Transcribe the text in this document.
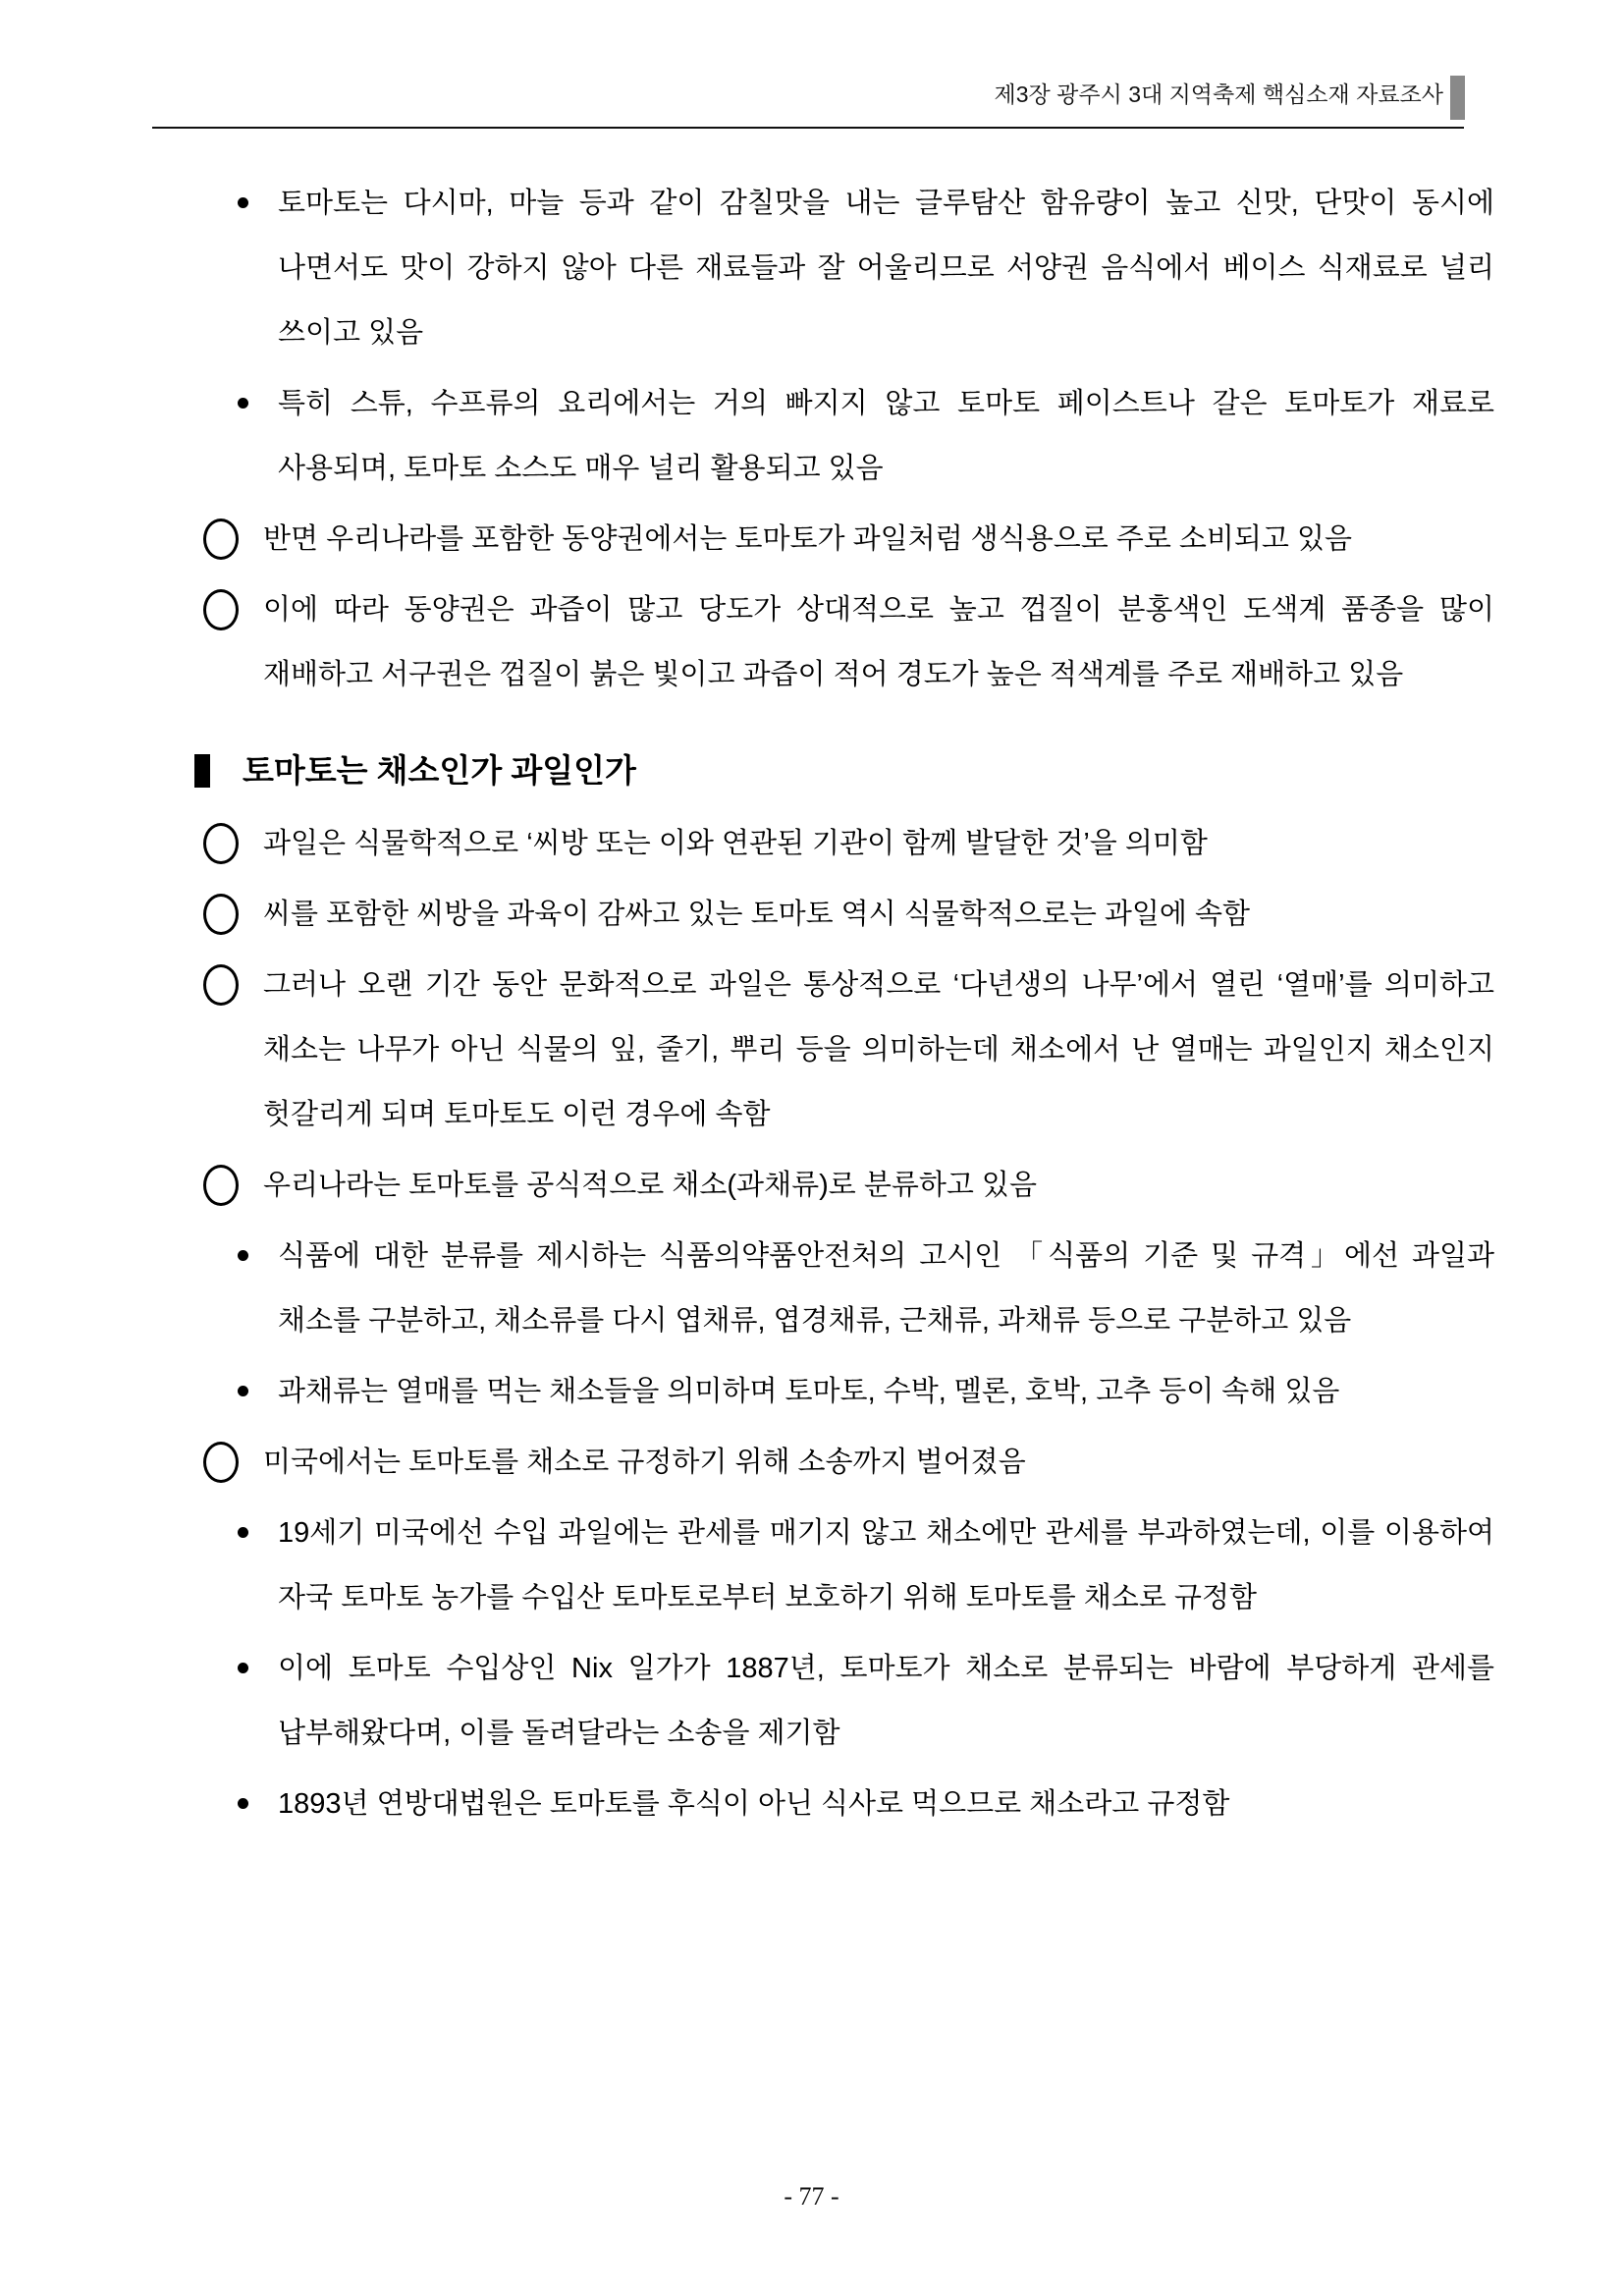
제3장 광주시 3대 지역축제 핵심소재 자료조사
토마토는 다시마, 마늘 등과 같이 감칠맛을 내는 글루탐산 함유량이 높고 신맛, 단맛이 동시에 나면서도 맛이 강하지 않아 다른 재료들과 잘 어울리므로 서양권 음식에서 베이스 식재료로 널리 쓰이고 있음
특히 스튜, 수프류의 요리에서는 거의 빠지지 않고 토마토 페이스트나 갈은 토마토가 재료로 사용되며, 토마토 소스도 매우 널리 활용되고 있음
반면 우리나라를 포함한 동양권에서는 토마토가 과일처럼 생식용으로 주로 소비되고 있음
이에 따라 동양권은 과즙이 많고 당도가 상대적으로 높고 껍질이 분홍색인 도색계 품종을 많이 재배하고 서구권은 껍질이 붉은 빛이고 과즙이 적어 경도가 높은 적색계를 주로 재배하고 있음
토마토는 채소인가 과일인가
과일은 식물학적으로 ‘씨방 또는 이와 연관된 기관이 함께 발달한 것’을 의미함
씨를 포함한 씨방을 과육이 감싸고 있는 토마토 역시 식물학적으로는 과일에 속함
그러나 오랜 기간 동안 문화적으로 과일은 통상적으로 ‘다년생의 나무’에서 열린 ‘열매’를 의미하고 채소는 나무가 아닌 식물의 잎, 줄기, 뿌리 등을 의미하는데 채소에서 난 열매는 과일인지 채소인지 헛갈리게 되며 토마토도 이런 경우에 속함
우리나라는 토마토를 공식적으로 채소(과채류)로 분류하고 있음
식품에 대한 분류를 제시하는 식품의약품안전처의 고시인 「식품의 기준 및 규격」에선 과일과 채소를 구분하고, 채소류를 다시 엽채류, 엽경채류, 근채류, 과채류 등으로 구분하고 있음
과채류는 열매를 먹는 채소들을 의미하며 토마토, 수박, 멜론, 호박, 고추 등이 속해 있음
미국에서는 토마토를 채소로 규정하기 위해 소송까지 벌어졌음
19세기 미국에선 수입 과일에는 관세를 매기지 않고 채소에만 관세를 부과하였는데, 이를 이용하여 자국 토마토 농가를 수입산 토마토로부터 보호하기 위해 토마토를 채소로 규정함
이에 토마토 수입상인 Nix 일가가 1887년, 토마토가 채소로 분류되는 바람에 부당하게 관세를 납부해왔다며, 이를 돌려달라는 소송을 제기함
1893년 연방대법원은 토마토를 후식이 아닌 식사로 먹으므로 채소라고 규정함
- 77 -
